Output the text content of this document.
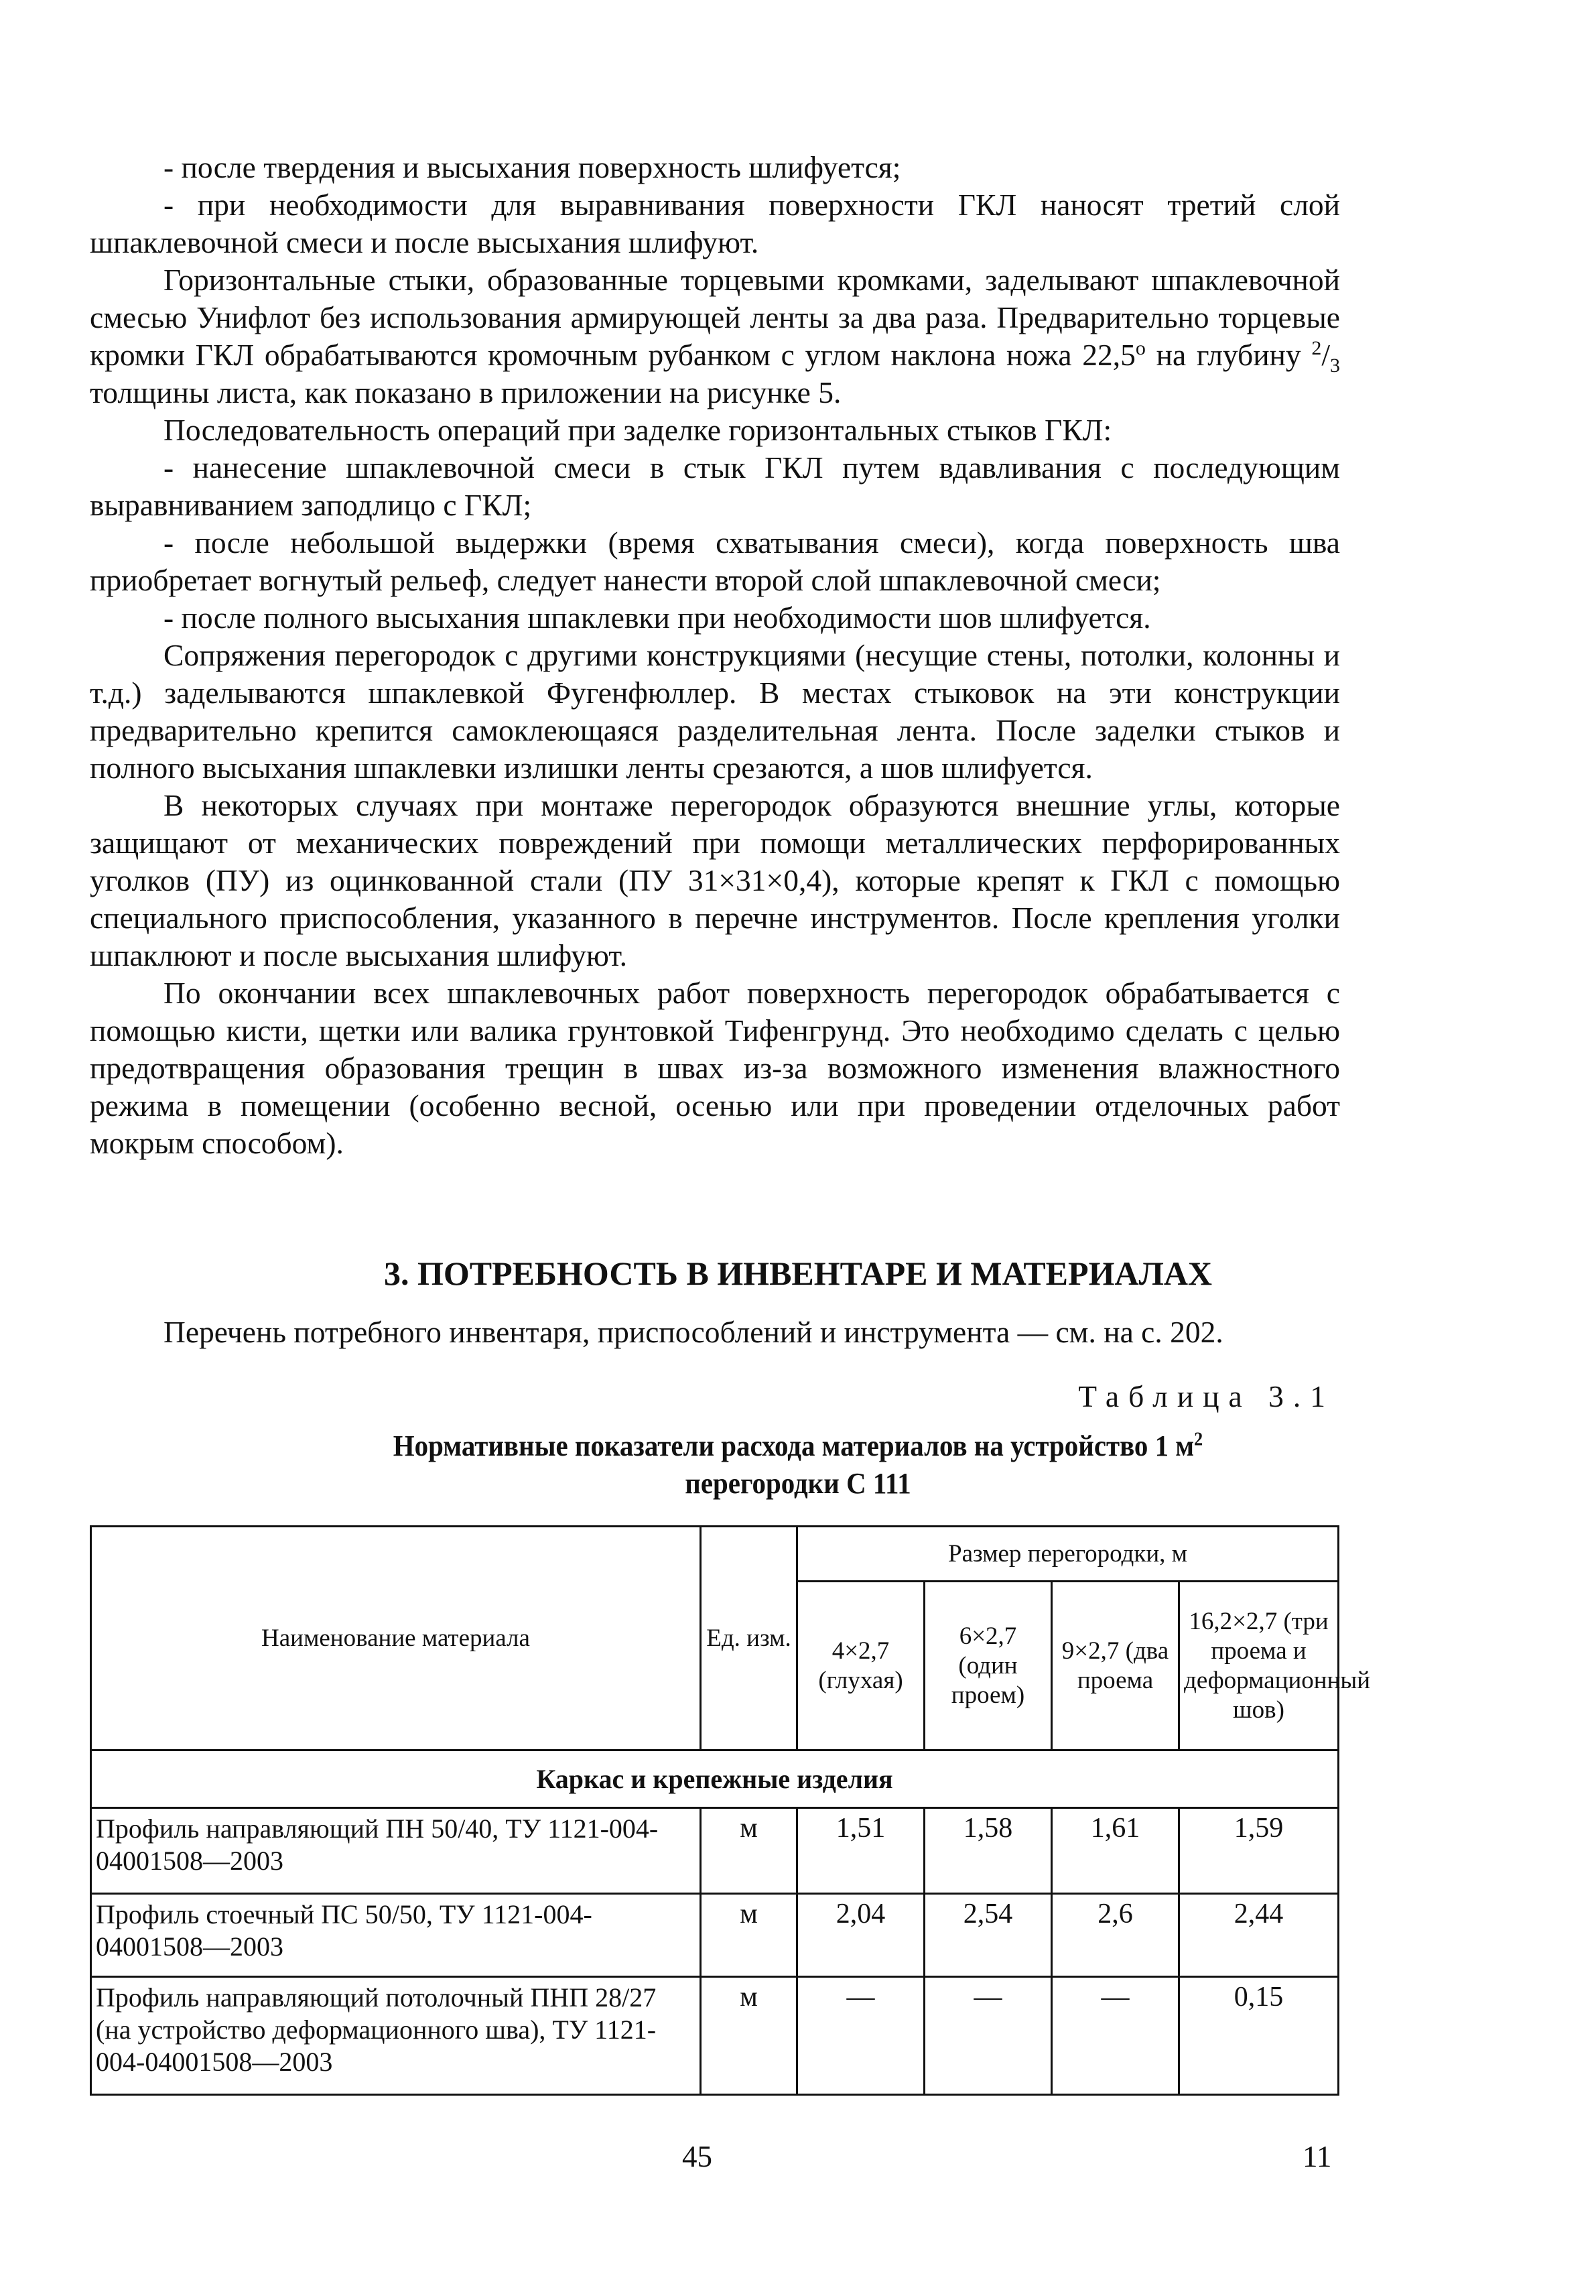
- после твердения и высыхания поверхность шлифуется;

- при необходимости для выравнивания поверхности ГКЛ наносят третий слой шпаклевочной смеси и после высыхания шлифуют.

Горизонтальные стыки, образованные торцевыми кромками, заделывают шпаклевочной смесью Унифлот без использования армирующей ленты за два раза. Предварительно торцевые кромки ГКЛ обрабатываются кромочным рубанком с углом наклона ножа $22,5^о$ на глубину $^2/_3$ толщины листа, как показано в приложении на рисунке 5.

Последовательность операций при заделке горизонтальных стыков ГКЛ:

- нанесение шпаклевочной смеси в стык ГКЛ путем вдавливания с последующим выравниванием заподлицо с ГКЛ;

- после небольшой выдержки (время схватывания смеси), когда поверхность шва приобретает вогнутый рельеф, следует нанести второй слой шпаклевочной смеси;

- после полного высыхания шпаклевки при необходимости шов шлифуется.

Сопряжения перегородок с другими конструкциями (несущие стены, потолки, колонны и т.д.) заделываются шпаклевкой Фугенфюллер. В местах стыковок на эти конструкции предварительно крепится самоклеющаяся разделительная лента. После заделки стыков и полного высыхания шпаклевки излишки ленты срезаются, а шов шлифуется.

В некоторых случаях при монтаже перегородок образуются внешние углы, которые защищают от механических повреждений при помощи металлических перфорированных уголков (ПУ) из оцинкованной стали (ПУ 31×31×0,4), которые крепят к ГКЛ с помощью специального приспособления, указанного в перечне инструментов. После крепления уголки шпаклюют и после высыхания шлифуют.

По окончании всех шпаклевочных работ поверхность перегородок обрабатывается с помощью кисти, щетки или валика грунтовкой Тифенгрунд. Это необходимо сделать с целью предотвращения образования трещин в швах из-за возможного изменения влажностного режима в помещении (особенно весной, осенью или при проведении отделочных работ мокрым способом).

3. ПОТРЕБНОСТЬ В ИНВЕНТАРЕ И МАТЕРИАЛАХ
Перечень потребного инвентаря, приспособлений и инструмента — см. на с. 202.
Таблица 3.1
Нормативные показатели расхода материалов на устройство 1 $м^2$
перегородки С 111
Наименование материала	Ед. изм.	Размер перегородки, м			
		4×2,7 (глухая)	6×2,7 (один проем)	9×2,7 (два проема	16,2×2,7 (три проема и деформационный шов)
Каркас и крепежные изделия					
Профиль направляющий ПН 50/40, ТУ 1121-004-04001508—2003	м	1,51	1,58	1,61	1,59
Профиль стоечный ПС 50/50, ТУ 1121-004-04001508—2003	м	2,04	2,54	2,6	2,44
Профиль направляющий потолочный ПНП 28/27 (на устройство деформационного шва), ТУ 1121-004-04001508—2003	м	—	—	—	0,15
45	11
